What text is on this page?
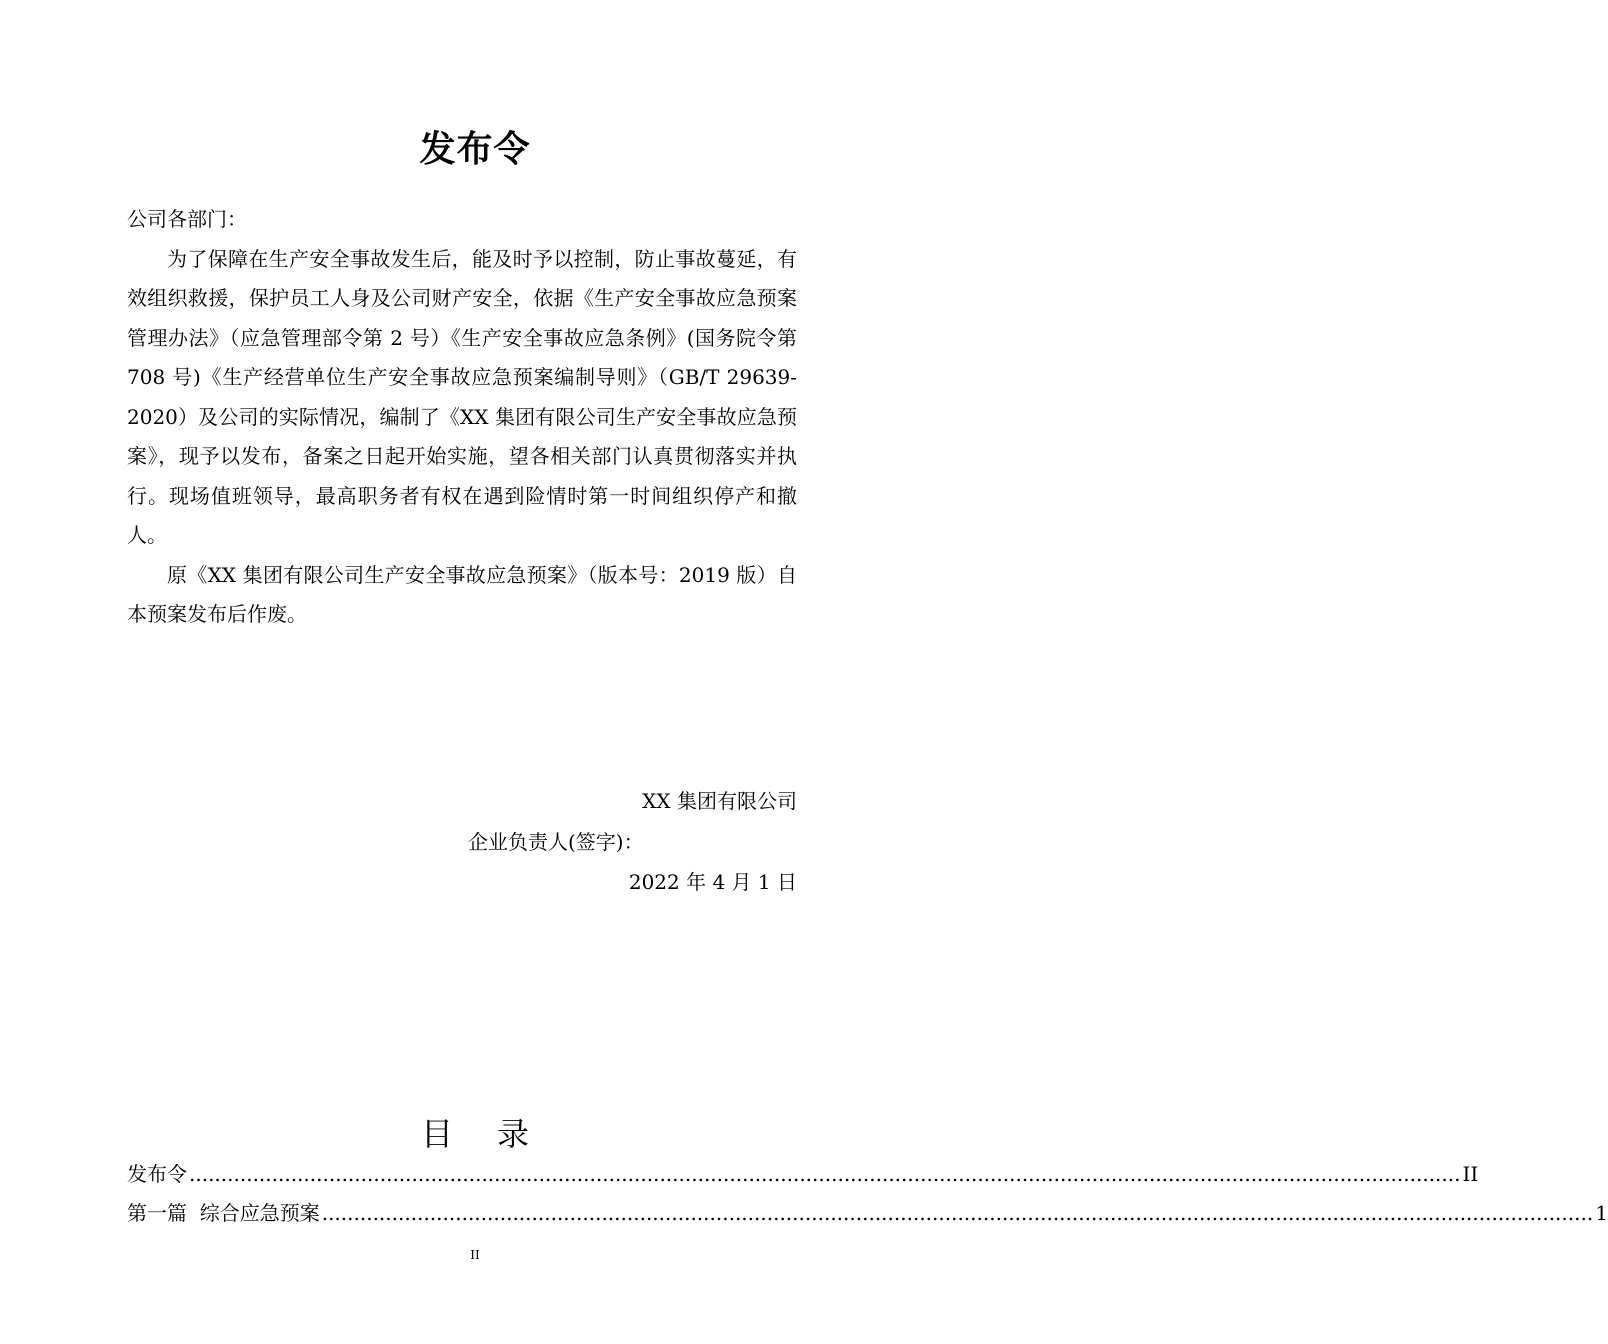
发布令

公司各部门：

为了保障在生产安全事故发生后，能及时予以控制，防止事故蔓延，有效组织救援，保护员工人身及公司财产安全，依据《生产安全事故应急预案管理办法》（应急管理部令第 2 号）《生产安全事故应急条例》(国务院令第 708 号)《生产经营单位生产安全事故应急预案编制导则》（GB/T 29639-2020）及公司的实际情况，编制了《XX 集团有限公司生产安全事故应急预案》，现予以发布，备案之日起开始实施，望各相关部门认真贯彻落实并执行。现场值班领导，最高职务者有权在遇到险情时第一时间组织停产和撤人。

原《XX 集团有限公司生产安全事故应急预案》（版本号：2019 版）自本预案发布后作废。

XX 集团有限公司
企业负责人(签字)：
2022 年 4 月 1 日
目 录
发布令 ........................................................................................................................................................................................................ II
第一篇  综合应急预案 ........................................................................................................................................................................................................ 1
II
